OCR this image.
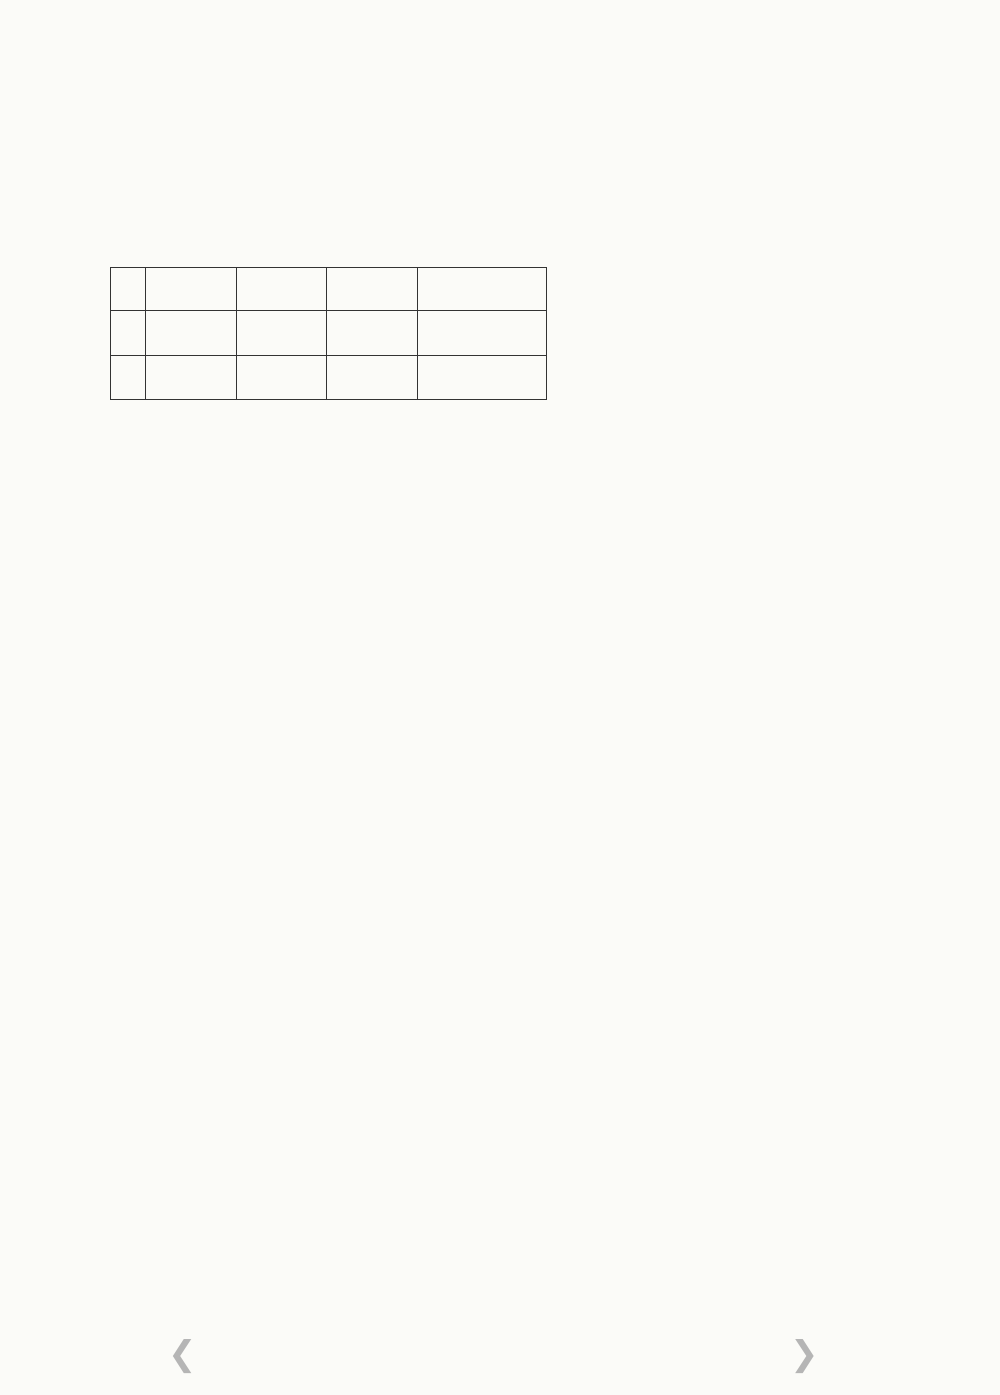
❮	❯
